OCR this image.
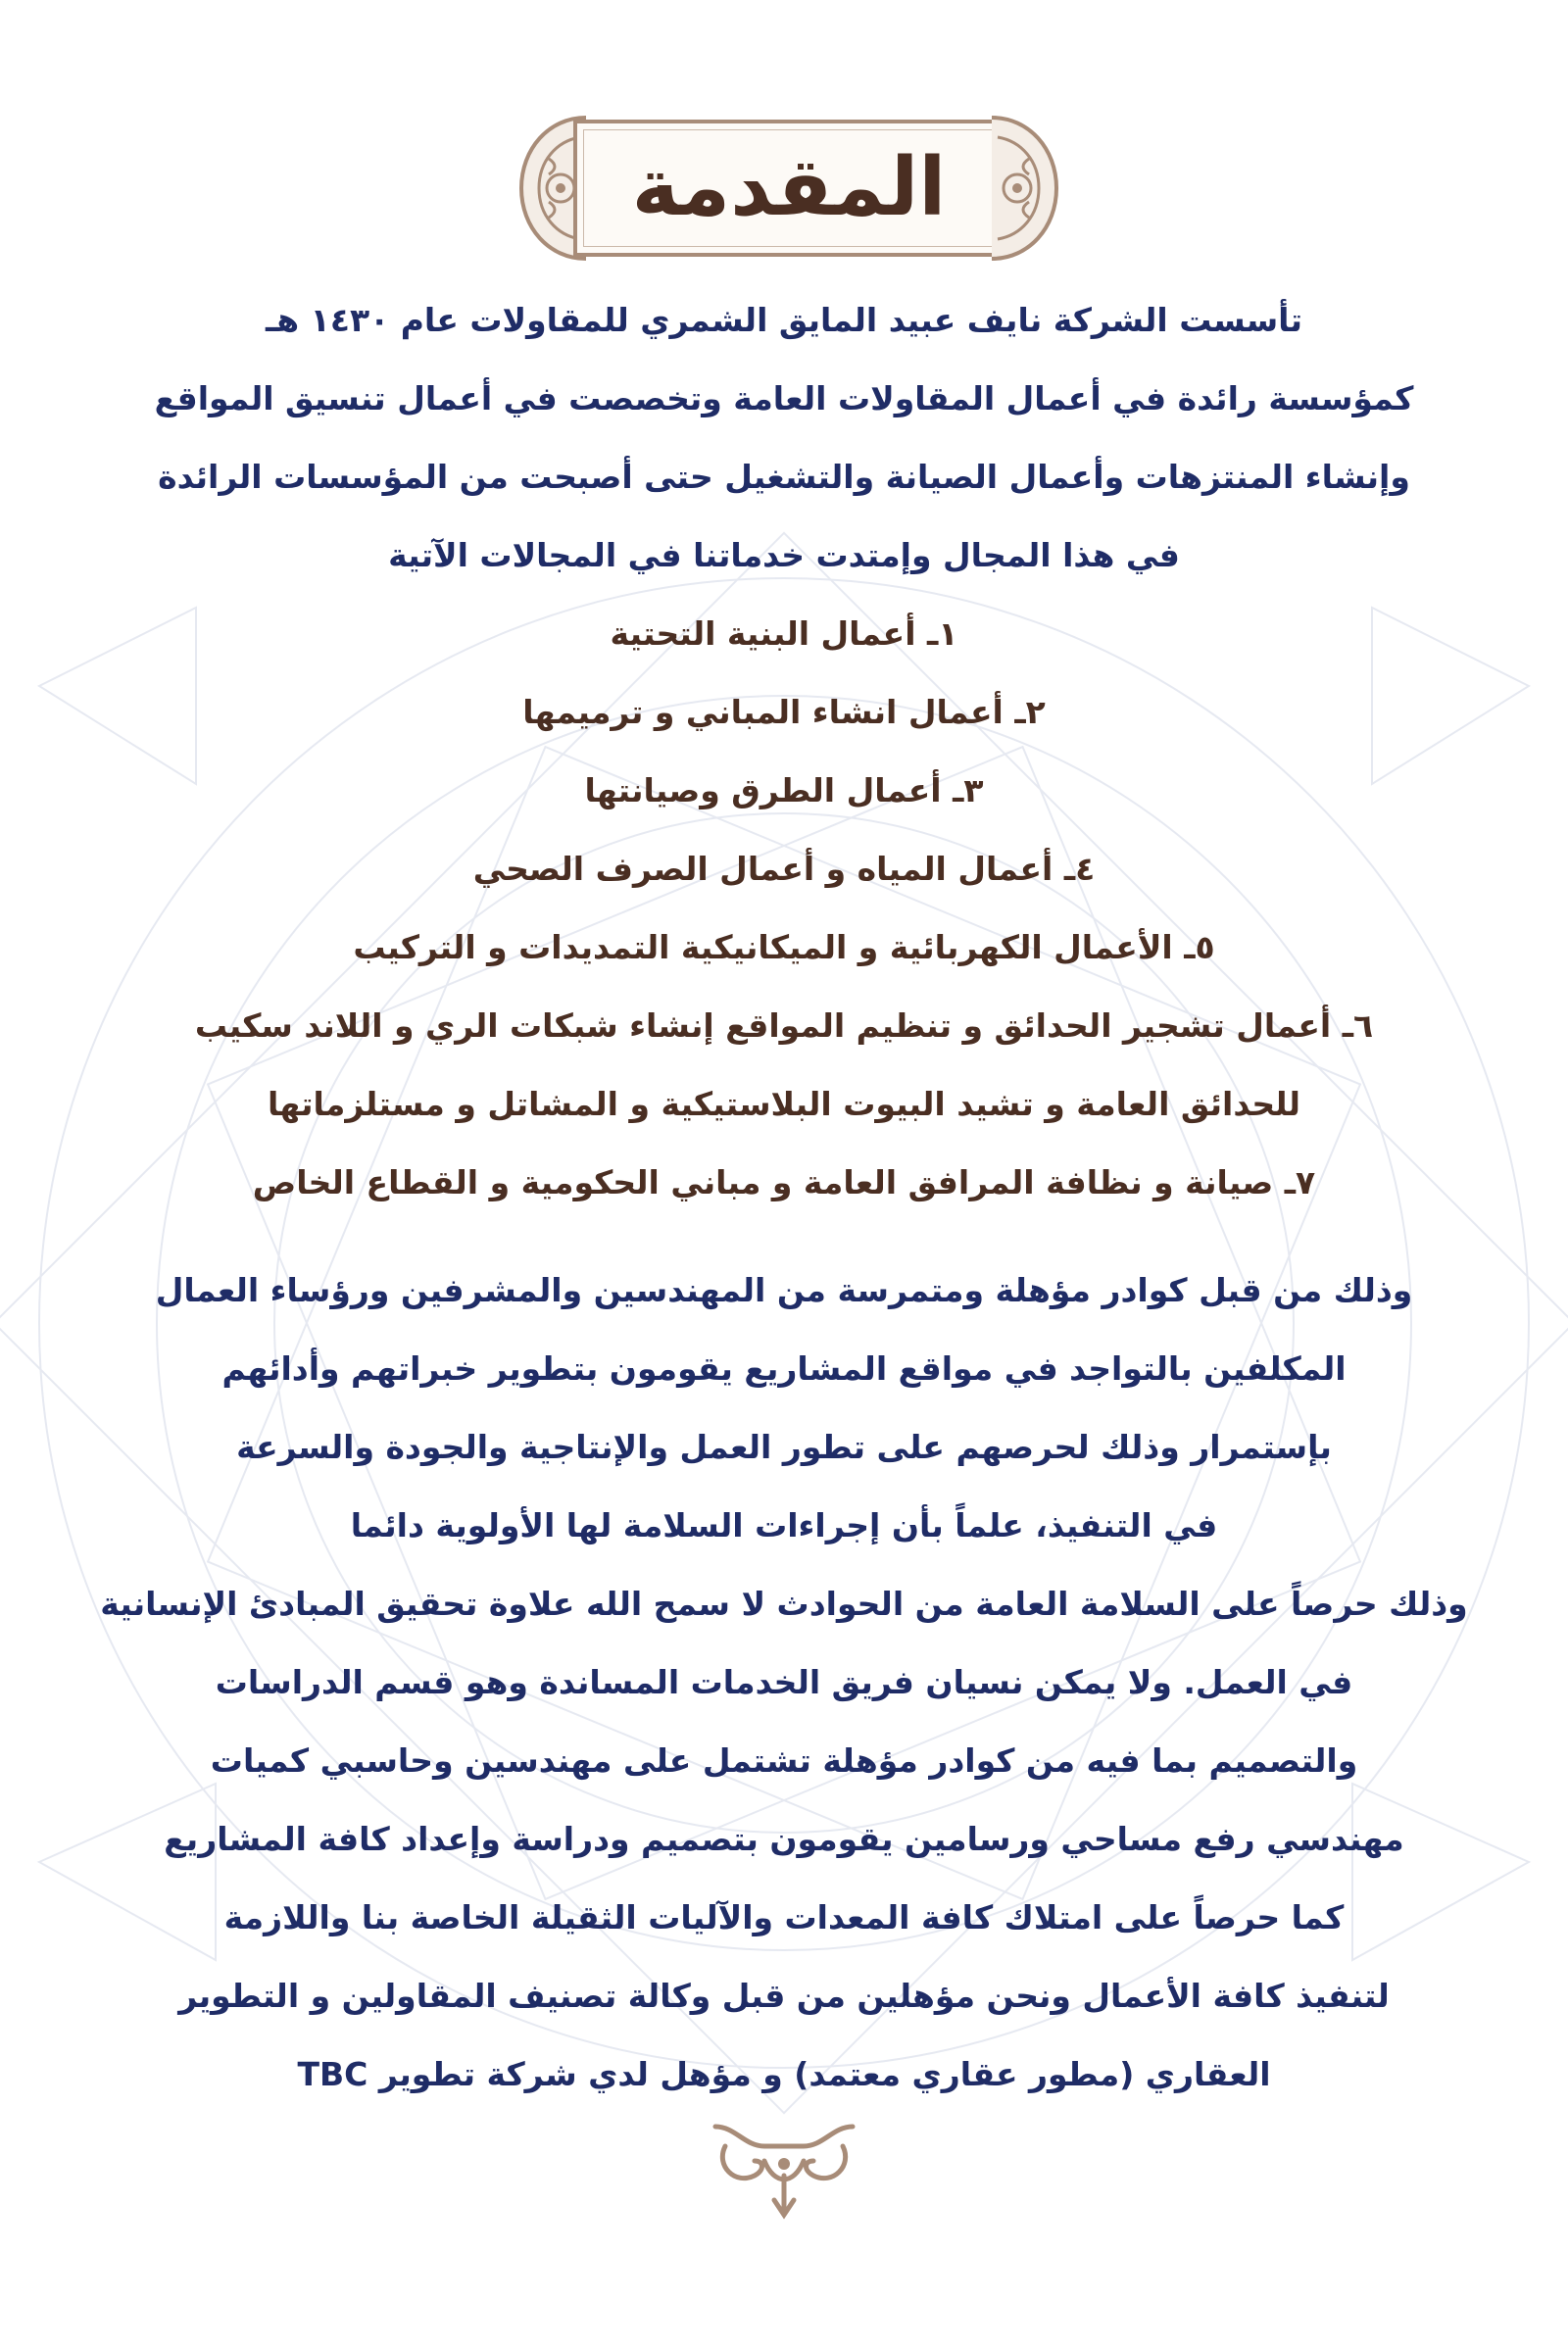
المقدمة
تأسست الشركة نايف عبيد المايق الشمري للمقاولات عام ١٤٣٠ هـ
كمؤسسة رائدة في أعمال المقاولات العامة وتخصصت في أعمال تنسيق المواقع
وإنشاء المنتزهات وأعمال الصيانة والتشغيل حتى أصبحت من المؤسسات الرائدة
في هذا المجال وإمتدت خدماتنا في المجالات الآتية
١ـ أعمال البنية التحتية
٢ـ أعمال انشاء المباني و ترميمها
٣ـ أعمال الطرق وصيانتها
٤ـ أعمال المياه و أعمال الصرف الصحي
٥ـ الأعمال الكهربائية و الميكانيكية التمديدات و التركيب
٦ـ أعمال تشجير الحدائق و تنظيم المواقع إنشاء شبكات الري و اللاند سكيب
للحدائق العامة و تشيد البيوت البلاستيكية و المشاتل و مستلزماتها
٧ـ صيانة و نظافة المرافق العامة و مباني الحكومية و القطاع الخاص
وذلك من قبل كوادر مؤهلة ومتمرسة من المهندسين والمشرفين ورؤساء العمال
المكلفين بالتواجد في مواقع المشاريع يقومون بتطوير خبراتهم وأدائهم
بإستمرار وذلك لحرصهم على تطور العمل والإنتاجية والجودة والسرعة
في التنفيذ، علماً بأن إجراءات السلامة لها الأولوية دائما
وذلك حرصاً على السلامة العامة من الحوادث لا سمح الله علاوة تحقيق المبادئ الإنسانية
في العمل. ولا يمكن نسيان فريق الخدمات المساندة وهو قسم الدراسات
والتصميم بما فيه من كوادر مؤهلة تشتمل على مهندسين وحاسبي كميات
مهندسي رفع مساحي ورسامين يقومون بتصميم ودراسة وإعداد كافة المشاريع
كما حرصاً على امتلاك كافة المعدات والآليات الثقيلة الخاصة بنا واللازمة
لتنفيذ كافة الأعمال ونحن مؤهلين من قبل وكالة تصنيف المقاولين و التطوير
العقاري (مطور عقاري معتمد) و مؤهل لدي شركة تطوير TBC
